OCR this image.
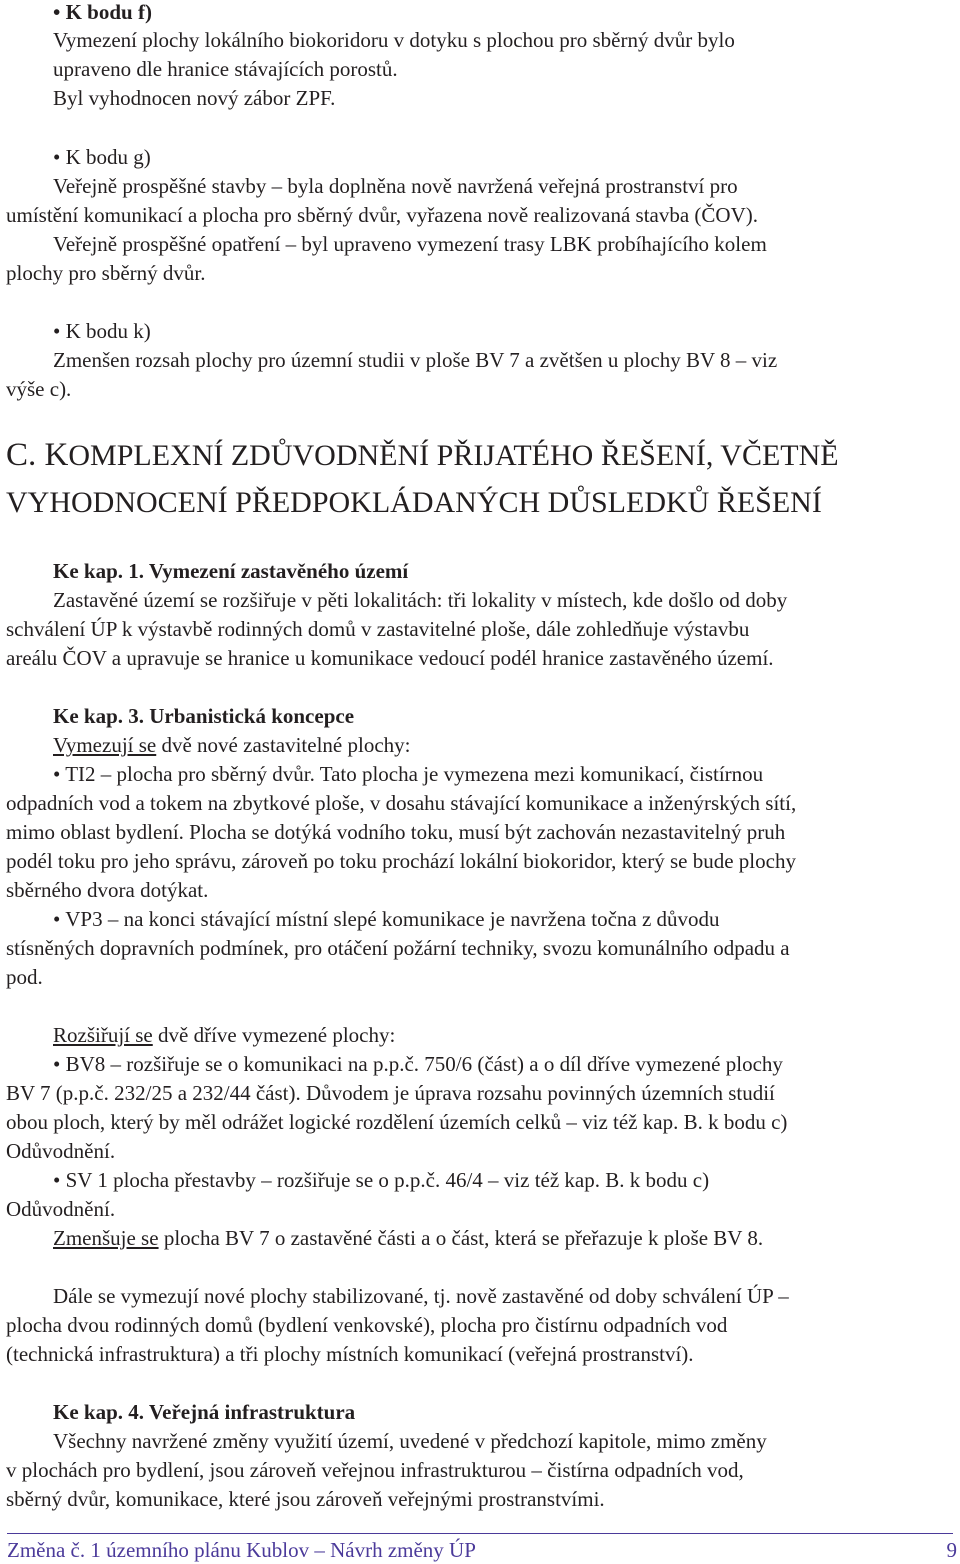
• K bodu f)

Vymezení plochy lokálního biokoridoru v dotyku s plochou pro sběrný dvůr bylo

upraveno dle hranice stávajících porostů.

Byl vyhodnocen nový zábor ZPF.

• K bodu g)

Veřejně prospěšné stavby – byla doplněna nově navržená veřejná prostranství pro

umístění komunikací a plocha pro sběrný dvůr, vyřazena nově realizovaná stavba (ČOV).

Veřejně prospěšné opatření – byl upraveno vymezení trasy LBK probíhajícího kolem

plochy pro sběrný dvůr.

• K bodu k)

Zmenšen rozsah plochy pro územní studii v ploše BV 7 a zvětšen u plochy BV 8 – viz

výše c).

C. KOMPLEXNÍ ZDŮVODNĚNÍ PŘIJATÉHO ŘEŠENÍ, VČETNĚ
VYHODNOCENÍ PŘEDPOKLÁDANÝCH DŮSLEDKŮ ŘEŠENÍ

Ke kap. 1. Vymezení zastavěného území

Zastavěné území se rozšiřuje v pěti lokalitách: tři lokality v místech, kde došlo od doby

schválení ÚP k výstavbě rodinných domů v zastavitelné ploše, dále zohledňuje výstavbu

areálu ČOV a upravuje se hranice u komunikace vedoucí podél hranice zastavěného území.

Ke kap. 3. Urbanistická koncepce

Vymezují se dvě nové zastavitelné plochy:

• TI2 – plocha pro sběrný dvůr. Tato plocha je vymezena mezi komunikací, čistírnou

odpadních vod a tokem na zbytkové ploše, v dosahu stávající komunikace a inženýrských sítí,

mimo oblast bydlení. Plocha se dotýká vodního toku, musí být zachován nezastavitelný pruh

podél toku pro jeho správu, zároveň po toku prochází lokální biokoridor, který se bude plochy

sběrného dvora dotýkat.

• VP3 – na konci stávající místní slepé komunikace je navržena točna z důvodu

stísněných dopravních podmínek, pro otáčení požární techniky, svozu komunálního odpadu a

pod.

Rozšiřují se dvě dříve vymezené plochy:

• BV8 – rozšiřuje se o komunikaci na p.p.č. 750/6 (část) a o díl dříve vymezené plochy

BV 7 (p.p.č. 232/25 a 232/44 část). Důvodem je úprava rozsahu povinných územních studií

obou ploch, který by měl odrážet logické rozdělení územích celků – viz též kap. B. k bodu c)

Odůvodnění.

• SV 1 plocha přestavby – rozšiřuje se o p.p.č. 46/4 – viz též kap. B. k bodu c)

Odůvodnění.

Zmenšuje se plocha BV 7 o zastavěné části a o část, která se přeřazuje k ploše BV 8.

Dále se vymezují nové plochy stabilizované, tj. nově zastavěné od doby schválení ÚP –

plocha dvou rodinných domů (bydlení venkovské), plocha pro čistírnu odpadních vod

(technická infrastruktura) a tři plochy místních komunikací (veřejná prostranství).

Ke kap. 4. Veřejná infrastruktura

Všechny navržené změny využití území, uvedené v předchozí kapitole, mimo změny

v plochách pro bydlení, jsou zároveň veřejnou infrastrukturou – čistírna odpadních vod,

sběrný dvůr, komunikace, které jsou zároveň veřejnými prostranstvími.

Změna č. 1 územního plánu Kublov – Návrh změny ÚP	9
